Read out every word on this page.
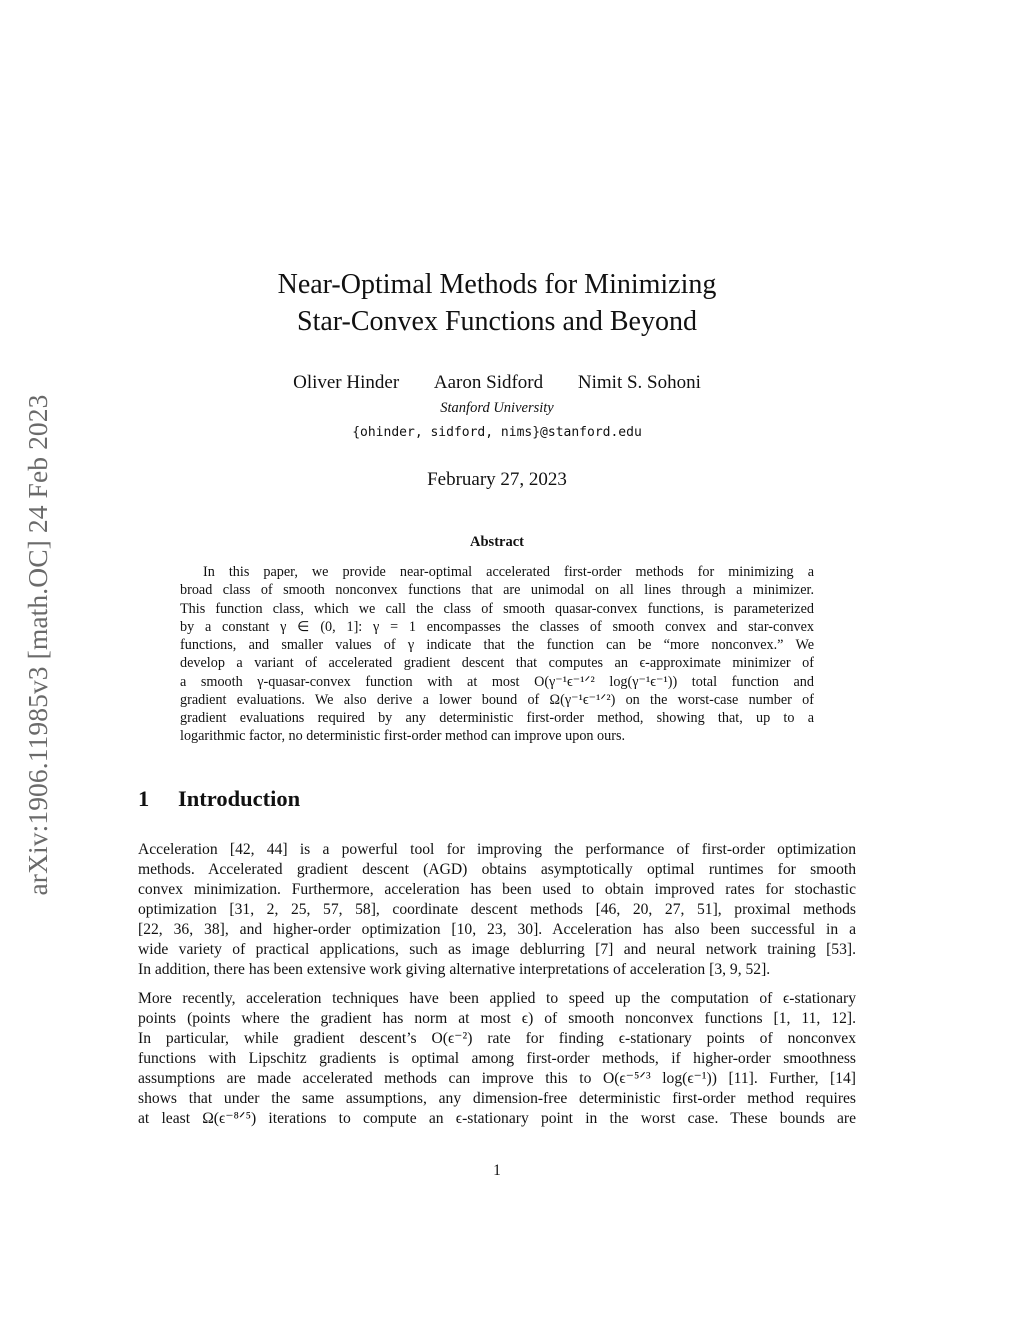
arXiv:1906.11985v3 [math.OC] 24 Feb 2023
Near-Optimal Methods for Minimizing
Star-Convex Functions and Beyond
Oliver Hinder Aaron Sidford Nimit S. Sohoni
Stanford University
{ohinder, sidford, nims}@stanford.edu
February 27, 2023
Abstract
In this paper, we provide near-optimal accelerated first-order methods for minimizing a
broad class of smooth nonconvex functions that are unimodal on all lines through a minimizer.
This function class, which we call the class of smooth quasar-convex functions, is parameterized
by a constant γ ∈ (0, 1]: γ = 1 encompasses the classes of smooth convex and star-convex
functions, and smaller values of γ indicate that the function can be “more nonconvex.” We
develop a variant of accelerated gradient descent that computes an ϵ-approximate minimizer of
a smooth γ-quasar-convex function with at most O(γ⁻¹ϵ⁻¹ᐟ² log(γ⁻¹ϵ⁻¹)) total function and
gradient evaluations. We also derive a lower bound of Ω(γ⁻¹ϵ⁻¹ᐟ²) on the worst-case number of
gradient evaluations required by any deterministic first-order method, showing that, up to a
logarithmic factor, no deterministic first-order method can improve upon ours.
1 Introduction
Acceleration [42, 44] is a powerful tool for improving the performance of first-order optimization
methods. Accelerated gradient descent (AGD) obtains asymptotically optimal runtimes for smooth
convex minimization. Furthermore, acceleration has been used to obtain improved rates for stochastic
optimization [31, 2, 25, 57, 58], coordinate descent methods [46, 20, 27, 51], proximal methods
[22, 36, 38], and higher-order optimization [10, 23, 30]. Acceleration has also been successful in a
wide variety of practical applications, such as image deblurring [7] and neural network training [53].
In addition, there has been extensive work giving alternative interpretations of acceleration [3, 9, 52].
More recently, acceleration techniques have been applied to speed up the computation of ϵ-stationary
points (points where the gradient has norm at most ϵ) of smooth nonconvex functions [1, 11, 12].
In particular, while gradient descent’s O(ϵ⁻²) rate for finding ϵ-stationary points of nonconvex
functions with Lipschitz gradients is optimal among first-order methods, if higher-order smoothness
assumptions are made accelerated methods can improve this to O(ϵ⁻⁵ᐟ³ log(ϵ⁻¹)) [11]. Further, [14]
shows that under the same assumptions, any dimension-free deterministic first-order method requires
at least Ω(ϵ⁻⁸ᐟ⁵) iterations to compute an ϵ-stationary point in the worst case. These bounds are
1
